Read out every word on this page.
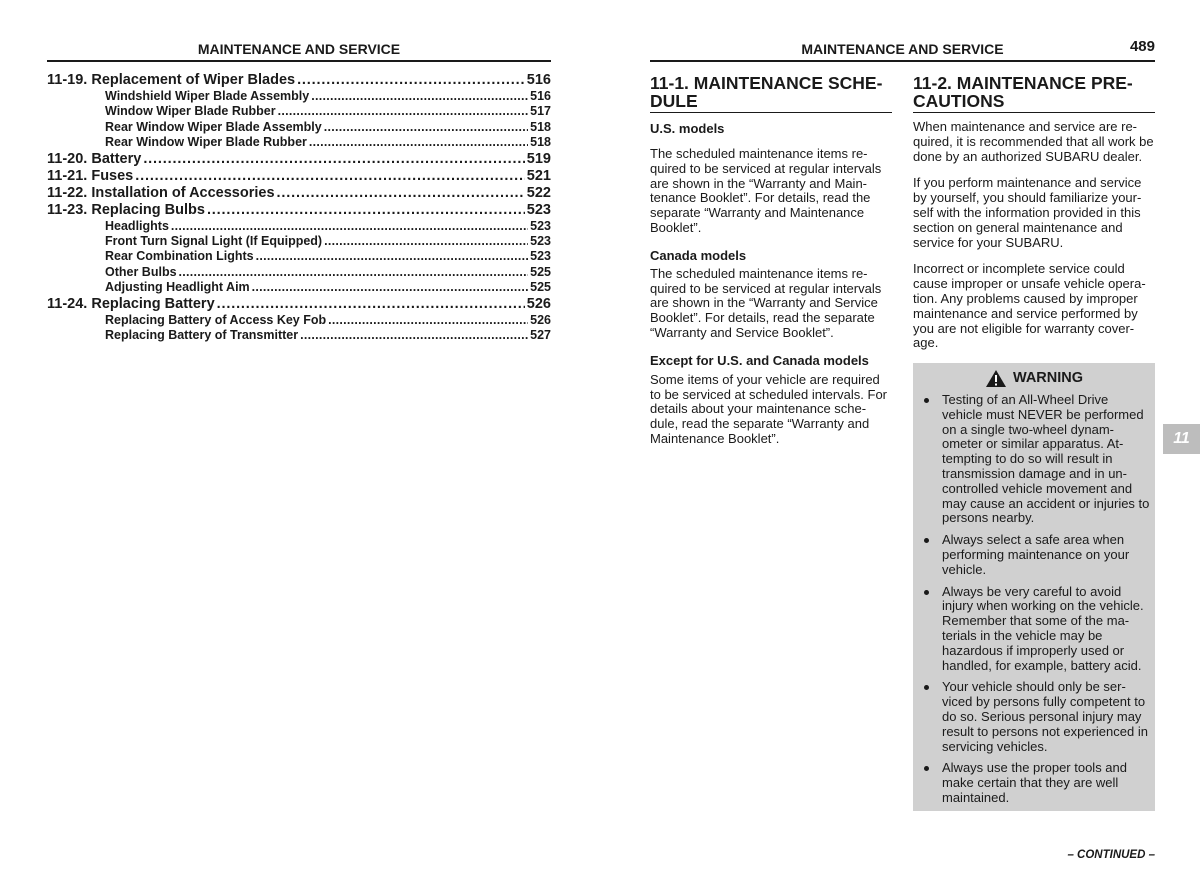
MAINTENANCE AND SERVICE
11-19. Replacement of Wiper Blades . . .	516
Windshield Wiper Blade Assembly . . .	516
Window Wiper Blade Rubber . . .	517
Rear Window Wiper Blade Assembly . . .	518
Rear Window Wiper Blade Rubber . . .	518
11-20. Battery . . .	519
11-21. Fuses . . .	521
11-22. Installation of Accessories . . .	522
11-23. Replacing Bulbs . . .	523
Headlights . . .	523
Front Turn Signal Light (If Equipped) . . .	523
Rear Combination Lights . . .	523
Other Bulbs . . .	525
Adjusting Headlight Aim . . .	525
11-24. Replacing Battery . . .	526
Replacing Battery of Access Key Fob . . .	526
Replacing Battery of Transmitter . . .	527
MAINTENANCE AND SERVICE	489
11-1. MAINTENANCE SCHE-DULE
U.S. models

The scheduled maintenance items re-quired to be serviced at regular intervals are shown in the “Warranty and Main-tenance Booklet”. For details, read the separate “Warranty and Maintenance Booklet”.

Canada models

The scheduled maintenance items re-quired to be serviced at regular intervals are shown in the “Warranty and Service Booklet”. For details, read the separate “Warranty and Service Booklet”.

Except for U.S. and Canada models

Some items of your vehicle are required to be serviced at scheduled intervals. For details about your maintenance sche-dule, read the separate “Warranty and Maintenance Booklet”.

11-2. MAINTENANCE PRE-CAUTIONS

When maintenance and service are re-quired, it is recommended that all work be done by an authorized SUBARU dealer.

If you perform maintenance and service by yourself, you should familiarize your-self with the information provided in this section on general maintenance and service for your SUBARU.

Incorrect or incomplete service could cause improper or unsafe vehicle opera-tion. Any problems caused by improper maintenance and service performed by you are not eligible for warranty cover-age.

WARNING
Testing of an All-Wheel Drive vehicle must NEVER be performed on a single two-wheel dynam-ometer or similar apparatus. At-tempting to do so will result in transmission damage and in un-controlled vehicle movement and may cause an accident or injuries to persons nearby.
Always select a safe area when performing maintenance on your vehicle.
Always be very careful to avoid injury when working on the vehicle. Remember that some of the ma-terials in the vehicle may be hazardous if improperly used or handled, for example, battery acid.
Your vehicle should only be ser-viced by persons fully competent to do so. Serious personal injury may result to persons not experienced in servicing vehicles.
Always use the proper tools and make certain that they are well maintained.
– CONTINUED –
11
